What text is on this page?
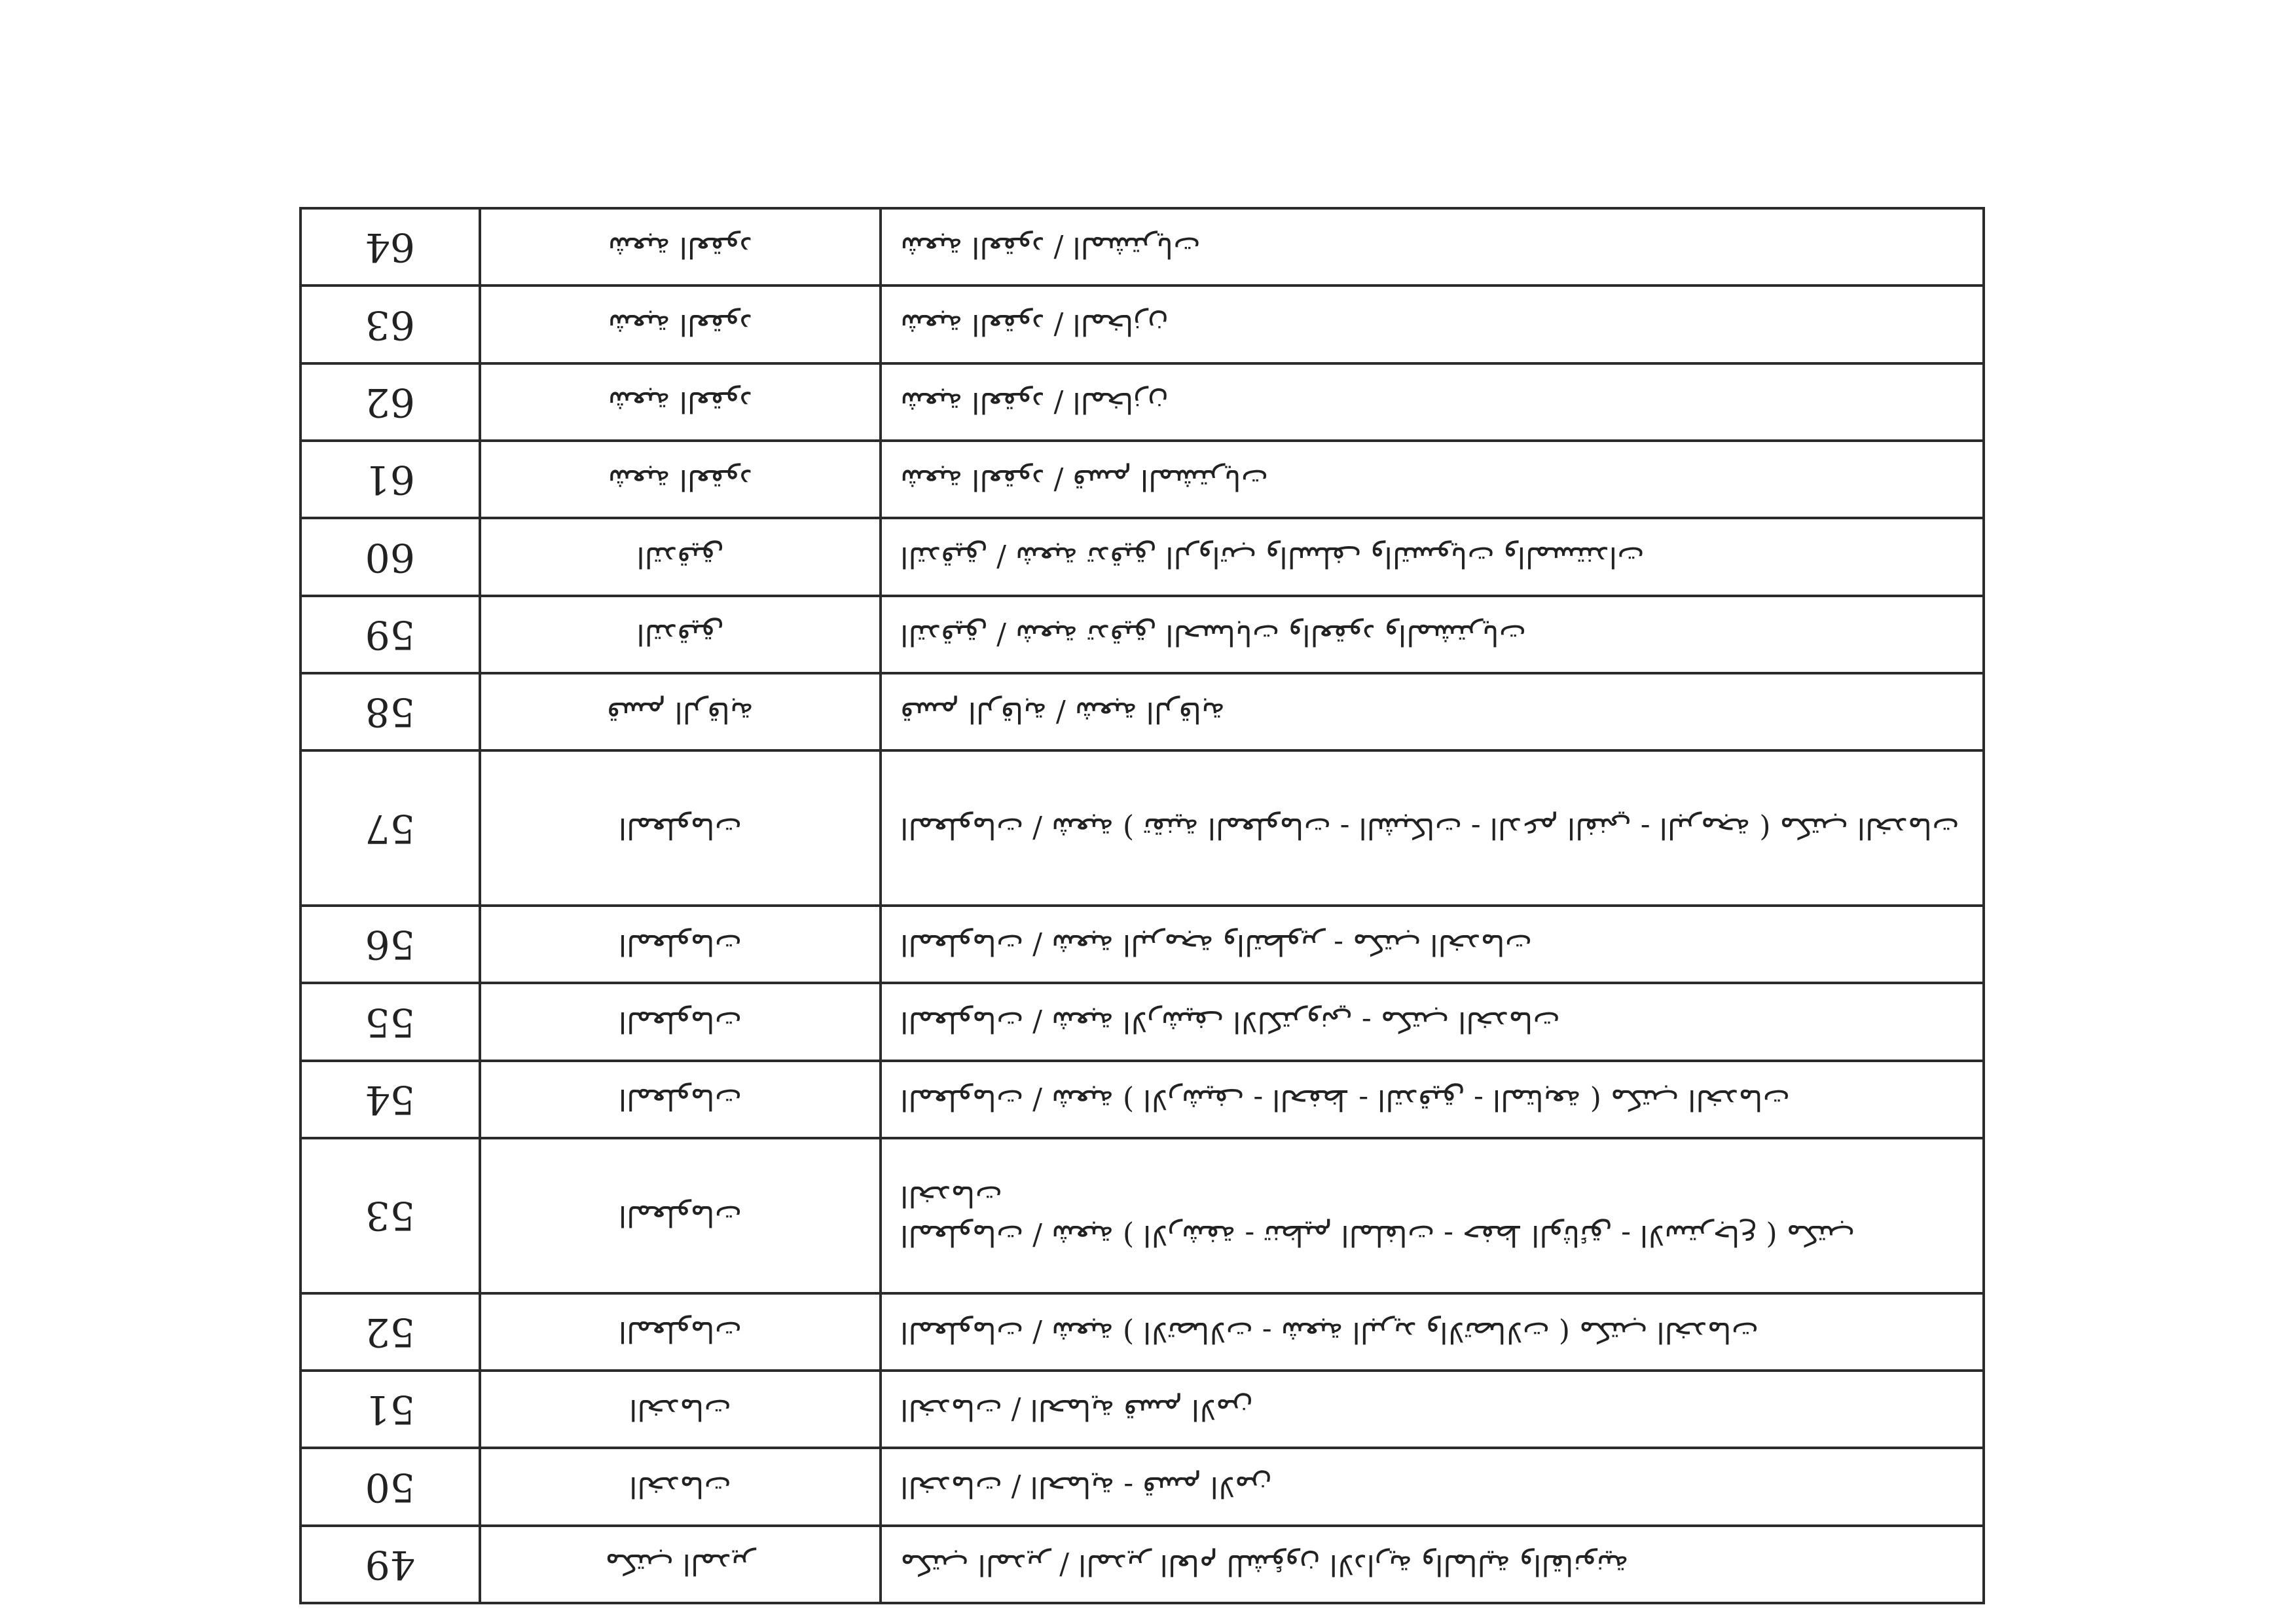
مكتب المدير / المدير العام للشؤون الادارية والمالية والقانونية		مكتب المدير	49
الخدمات / الحماية - قسم الامن		الخدمات	50
الخدمات / الحماية قسم الامن		الخدمات	51
المعلومات / شعبة ( الاتصالات - شعبة البريد والاتصالات ) مكتب الخدمات		المعلومات	52
المعلومات / شعبة ( الارشفة - تنظيم الملفات - حفظ الوثائق - الاسترجاع ) مكتب الخدمات		المعلومات	53
المعلومات / شعبة ( الارشيف - الحفظ - التدقيق - المتابعة ) مكتب الخدمات		المعلومات	54
المعلومات / شعبة الارشيف الالكتروني - مكتب الخدمات		المعلومات	55
المعلومات / شعبة البرمجة والتطوير - مكتب الخدمات		المعلومات	56
المعلومات / شعبة ( تقنية المعلومات - الشبكات - الدعم الفني - البرمجة ) مكتب الخدمات		المعلومات	57
قسم الرقابة / شعبة الرقابة		قسم الرقابة	58
التدقيق / شعبة تدقيق الحسابات والعقود والمشتريات		التدقيق	59
التدقيق / شعبة تدقيق الرواتب والسلف والتسويات والمستندات		التدقيق	60
شعبة العقود / قسم المشتريات		شعبة العقود	61
شعبة العقود / المخازن		شعبة العقود	62
شعبة العقود / المخازن		شعبة العقود	63
شعبة العقود / المشتريات		شعبة العقود	64
